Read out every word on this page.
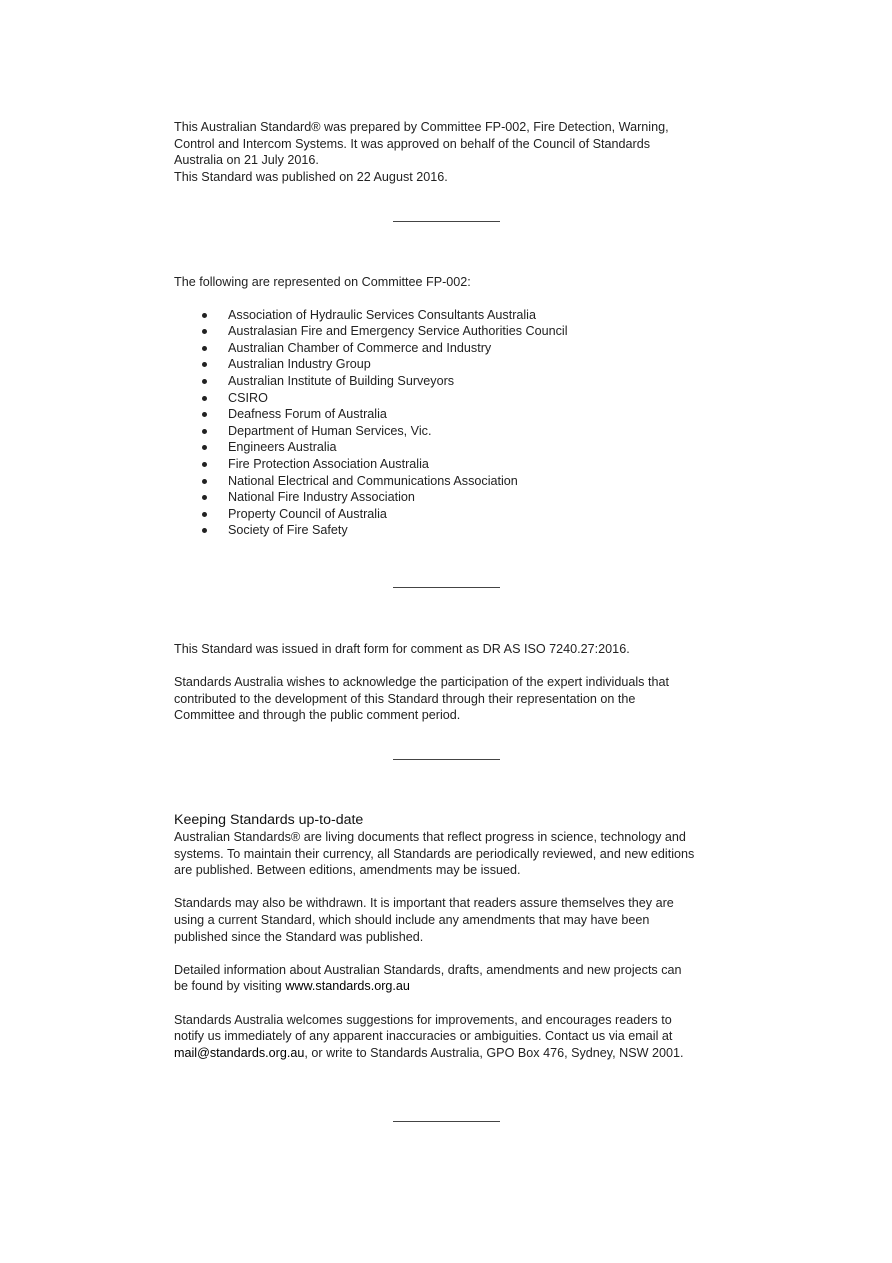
This Australian Standard® was prepared by Committee FP-002, Fire Detection, Warning,

Control and Intercom Systems. It was approved on behalf of the Council of Standards

Australia on 21 July 2016.

This Standard was published on 22 August 2016.

The following are represented on Committee FP-002:

Association of Hydraulic Services Consultants Australia
Australasian Fire and Emergency Service Authorities Council
Australian Chamber of Commerce and Industry
Australian Industry Group
Australian Institute of Building Surveyors
CSIRO
Deafness Forum of Australia
Department of Human Services, Vic.
Engineers Australia
Fire Protection Association Australia
National Electrical and Communications Association
National Fire Industry Association
Property Council of Australia
Society of Fire Safety

This Standard was issued in draft form for comment as DR AS ISO 7240.27:2016.

Standards Australia wishes to acknowledge the participation of the expert individuals that

contributed to the development of this Standard through their representation on the

Committee and through the public comment period.

Keeping Standards up-to-date

Australian Standards® are living documents that reflect progress in science, technology and

systems. To maintain their currency, all Standards are periodically reviewed, and new editions

are published. Between editions, amendments may be issued.

Standards may also be withdrawn. It is important that readers assure themselves they are

using a current Standard, which should include any amendments that may have been

published since the Standard was published.

Detailed information about Australian Standards, drafts, amendments and new projects can

be found by visiting www.standards.org.au

Standards Australia welcomes suggestions for improvements, and encourages readers to

notify us immediately of any apparent inaccuracies or ambiguities. Contact us via email at

mail@standards.org.au, or write to Standards Australia, GPO Box 476, Sydney, NSW 2001.
